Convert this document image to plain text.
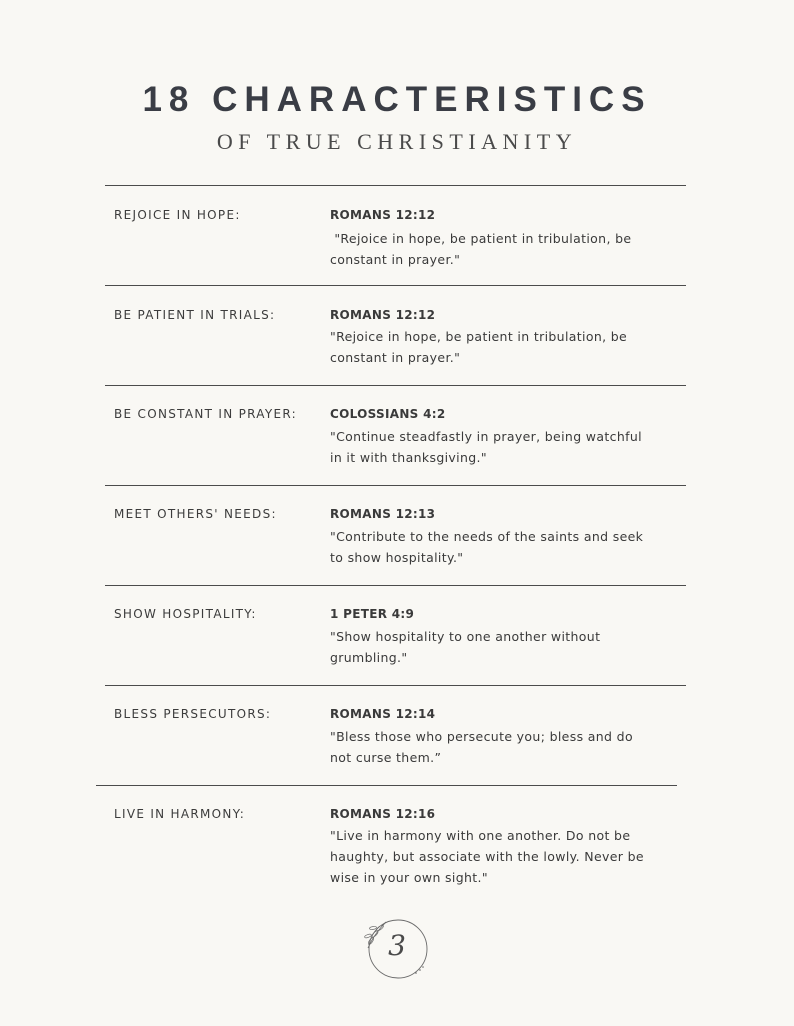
18 CHARACTERISTICS
OF TRUE CHRISTIANITY
REJOICE IN HOPE:	ROMANS 12:12
"Rejoice in hope, be patient in tribulation, be
constant in prayer."
BE PATIENT IN TRIALS:	ROMANS 12:12
"Rejoice in hope, be patient in tribulation, be
constant in prayer."
BE CONSTANT IN PRAYER:	COLOSSIANS 4:2
"Continue steadfastly in prayer, being watchful
in it with thanksgiving."
MEET OTHERS' NEEDS:	ROMANS 12:13
"Contribute to the needs of the saints and seek
to show hospitality."
SHOW HOSPITALITY:	1 PETER 4:9
"Show hospitality to one another without
grumbling."
BLESS PERSECUTORS:	ROMANS 12:14
"Bless those who persecute you; bless and do
not curse them.”
LIVE IN HARMONY:	ROMANS 12:16
"Live in harmony with one another. Do not be
haughty, but associate with the lowly. Never be
wise in your own sight."
3
